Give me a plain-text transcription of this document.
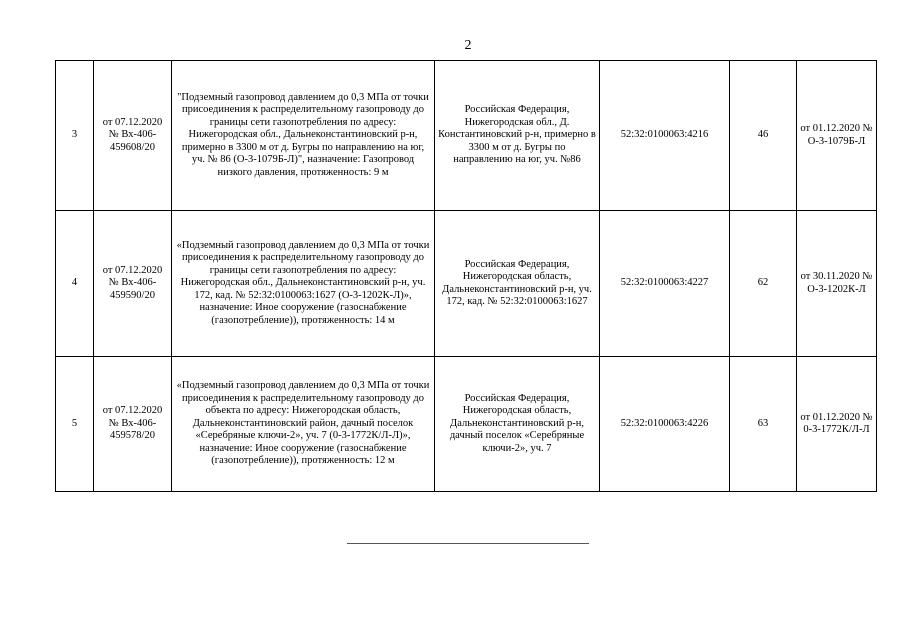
2
3	от 07.12.2020 № Вх-406-459608/20	"Подземный газопровод давлением до 0,3 МПа от точки присоединения к распределительному газопроводу до границы сети газопотребления по адресу: Нижегородская обл., Дальнеконстантиновский р-н, примерно в 3300 м от д. Бугры по направлению на юг, уч. № 86 (О-3-1079Б-Л)", назначение: Газопровод низкого давления, протяженность: 9 м	Российская Федерация, Нижегородская обл., Д. Константиновский р-н, примерно в 3300 м от д. Бугры по направлению на юг, уч. №86	52:32:0100063:4216	46	от 01.12.2020 № О-3-1079Б-Л
4	от 07.12.2020 № Вх-406-459590/20	«Подземный газопровод давлением до 0,3 МПа от точки присоединения к распределительному газопроводу до границы сети газопотребления по адресу: Нижегородская обл., Дальнеконстантиновский р-н, уч. 172, кад. № 52:32:0100063:1627 (О-3-1202К-Л)», назначение: Иное сооружение (газоснабжение (газопотребление)), протяженность: 14 м	Российская Федерация, Нижегородская область, Дальнеконстантиновский р-н, уч. 172, кад. № 52:32:0100063:1627	52:32:0100063:4227	62	от 30.11.2020 № О-3-1202К-Л
5	от 07.12.2020 № Вх-406-459578/20	«Подземный газопровод давлением до 0,3 МПа от точки присоединения к распределительному газопроводу до объекта по адресу: Нижегородская область, Дальнеконстантиновский район, дачный поселок «Серебряные ключи-2», уч. 7 (0-3-1772К/Л-Л)», назначение: Иное сооружение (газоснабжение (газопотребление)), протяженность: 12 м	Российская Федерация, Нижегородская область, Дальнеконстантиновский р-н, дачный поселок «Серебряные ключи-2», уч. 7	52:32:0100063:4226	63	от 01.12.2020 № 0-3-1772К/Л-Л
